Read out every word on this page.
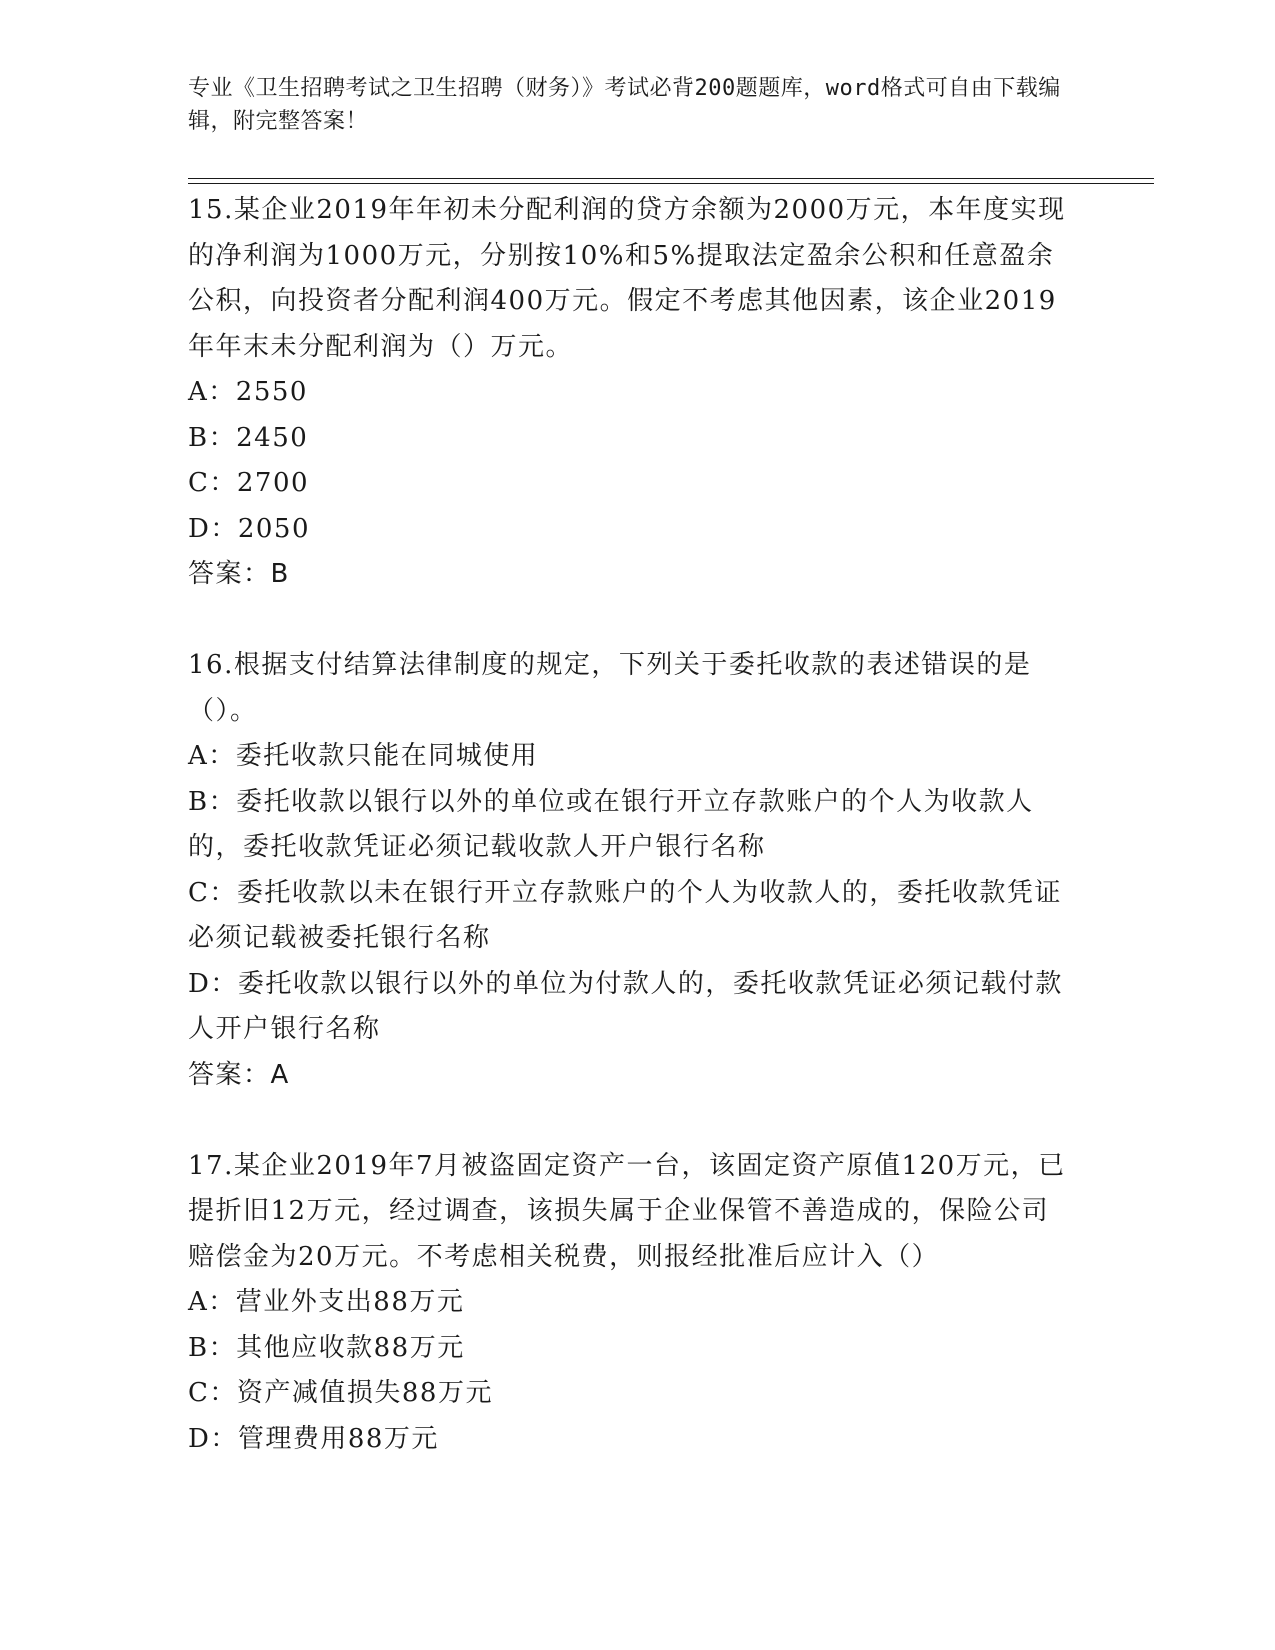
专业《卫生招聘考试之卫生招聘（财务）》考试必背200题题库，word格式可自由下载编辑，附完整答案！

15.某企业2019年年初未分配利润的贷方余额为2000万元，本年度实现的净利润为1000万元，分别按10%和5%提取法定盈余公积和任意盈余公积，向投资者分配利润400万元。假定不考虑其他因素，该企业2019年年末未分配利润为（）万元。

A：2550
B：2450
C：2700
D：2050

答案：B

16.根据支付结算法律制度的规定，下列关于委托收款的表述错误的是（）。

A：委托收款只能在同城使用
B：委托收款以银行以外的单位或在银行开立存款账户的个人为收款人的，委托收款凭证必须记载收款人开户银行名称
C：委托收款以未在银行开立存款账户的个人为收款人的，委托收款凭证必须记载被委托银行名称
D：委托收款以银行以外的单位为付款人的，委托收款凭证必须记载付款人开户银行名称

答案：A

17.某企业2019年7月被盗固定资产一台，该固定资产原值120万元，已提折旧12万元，经过调查，该损失属于企业保管不善造成的，保险公司赔偿金为20万元。不考虑相关税费，则报经批准后应计入（）

A：营业外支出88万元
B：其他应收款88万元
C：资产减值损失88万元
D：管理费用88万元
